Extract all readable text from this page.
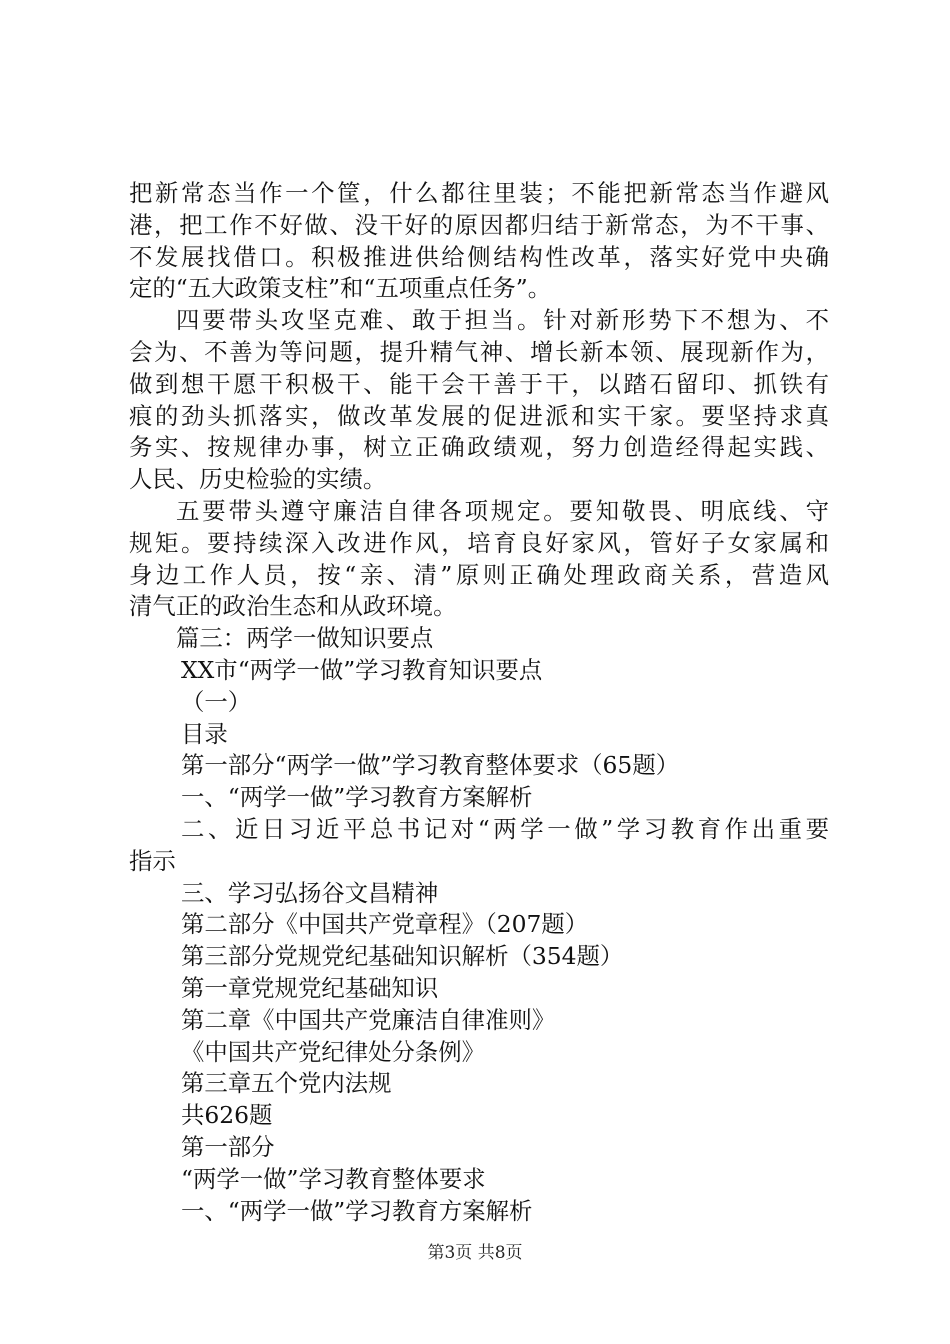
把新常态当作一个筐，什么都往里装；不能把新常态当作避风

港，把工作不好做、没干好的原因都归结于新常态，为不干事、

不发展找借口。积极推进供给侧结构性改革，落实好党中央确

定的“五大政策支柱”和“五项重点任务”。

四要带头攻坚克难、敢于担当。针对新形势下不想为、不

会为、不善为等问题，提升精气神、增长新本领、展现新作为，

做到想干愿干积极干、能干会干善于干，以踏石留印、抓铁有

痕的劲头抓落实，做改革发展的促进派和实干家。要坚持求真

务实、按规律办事，树立正确政绩观，努力创造经得起实践、

人民、历史检验的实绩。

五要带头遵守廉洁自律各项规定。要知敬畏、明底线、守

规矩。要持续深入改进作风，培育良好家风，管好子女家属和

身边工作人员，按“亲、清”原则正确处理政商关系，营造风

清气正的政治生态和从政环境。

篇三：两学一做知识要点

XX市“两学一做”学习教育知识要点

（一）

目录

第一部分“两学一做”学习教育整体要求（65题）

一、“两学一做”学习教育方案解析

二、近日习近平总书记对“两学一做”学习教育作出重要

指示

三、学习弘扬谷文昌精神

第二部分《中国共产党章程》（207题）

第三部分党规党纪基础知识解析（354题）

第一章党规党纪基础知识

第二章《中国共产党廉洁自律准则》

《中国共产党纪律处分条例》

第三章五个党内法规

共626题

第一部分

“两学一做”学习教育整体要求

一、“两学一做”学习教育方案解析

第3页 共8页
